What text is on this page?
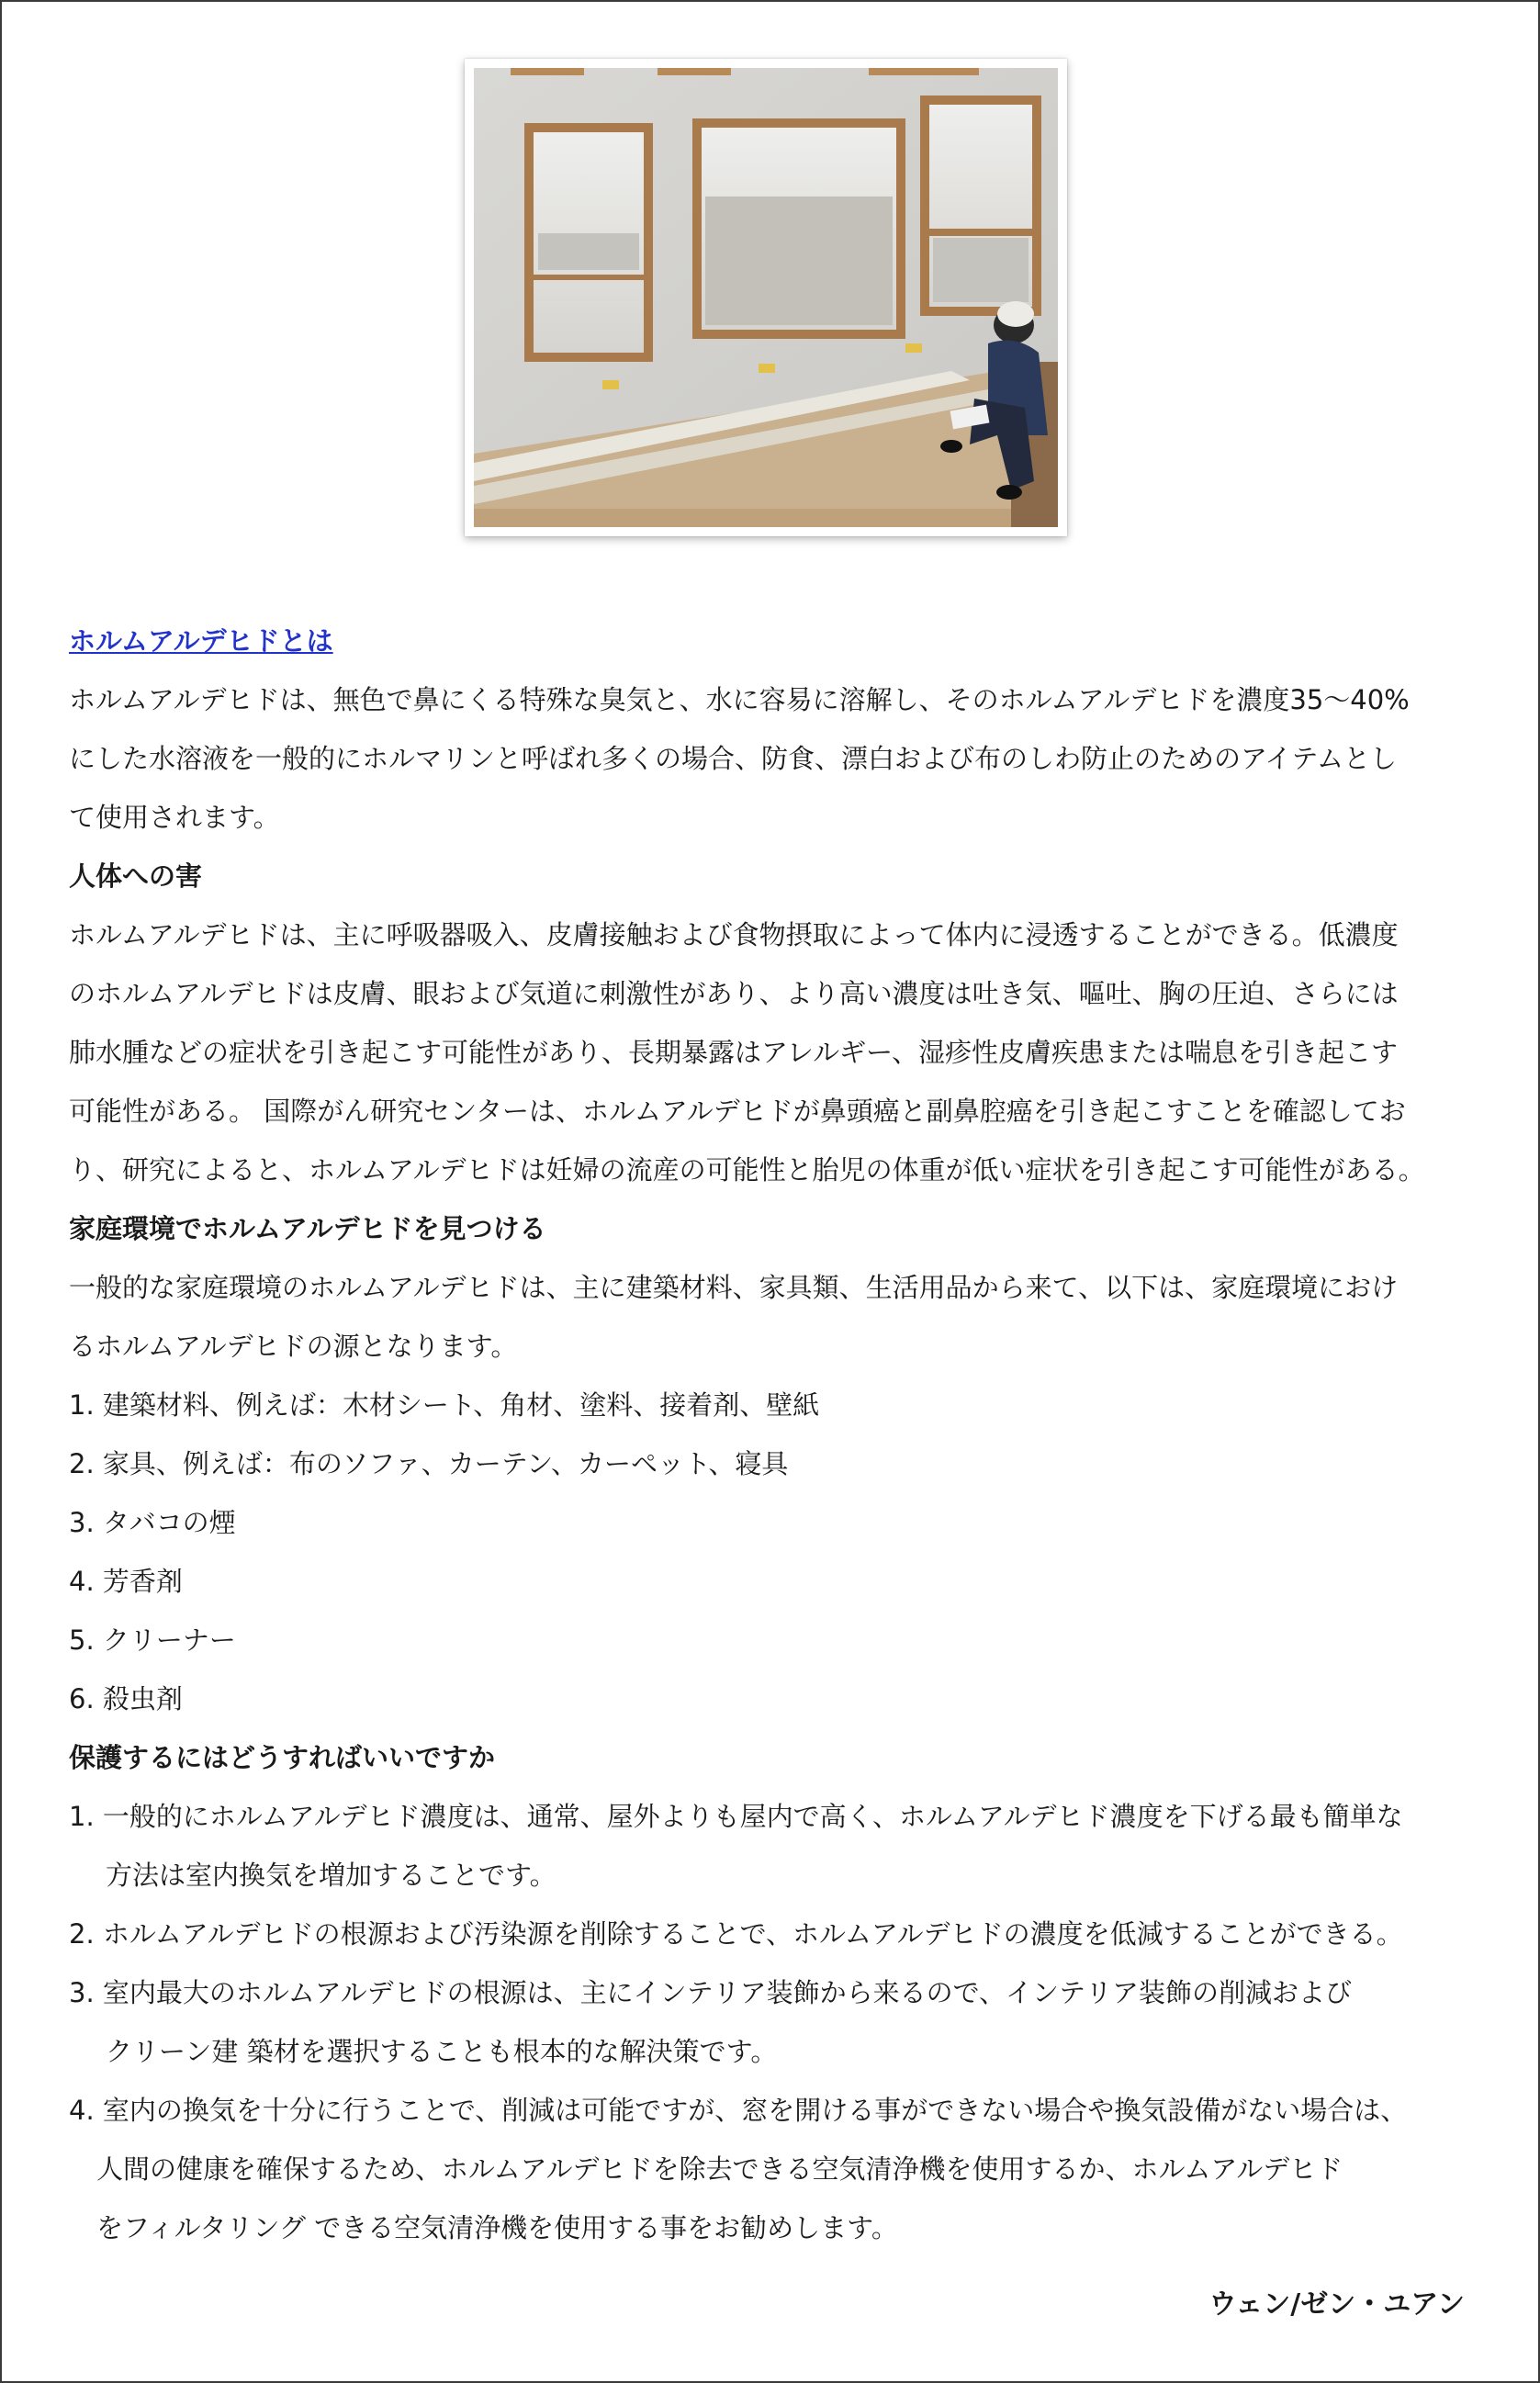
ホルムアルデヒドとは

ホルムアルデヒドは、無色で鼻にくる特殊な臭気と、水に容易に溶解し、そのホルムアルデヒドを濃度35～40%

にした水溶液を一般的にホルマリンと呼ばれ多くの場合、防食、漂白および布のしわ防止のためのアイテムとし

て使用されます。

人体への害

ホルムアルデヒドは、主に呼吸器吸入、皮膚接触および食物摂取によって体内に浸透することができる。低濃度

のホルムアルデヒドは皮膚、眼および気道に刺激性があり、より高い濃度は吐き気、嘔吐、胸の圧迫、さらには

肺水腫などの症状を引き起こす可能性があり、長期暴露はアレルギー、湿疹性皮膚疾患または喘息を引き起こす

可能性がある。 国際がん研究センターは、ホルムアルデヒドが鼻頭癌と副鼻腔癌を引き起こすことを確認してお

り、研究によると、ホルムアルデヒドは妊婦の流産の可能性と胎児の体重が低い症状を引き起こす可能性がある。

家庭環境でホルムアルデヒドを見つける

一般的な家庭環境のホルムアルデヒドは、主に建築材料、家具類、生活用品から来て、以下は、家庭環境におけ

るホルムアルデヒドの源となります。

1. 建築材料、例えば：木材シート、角材、塗料、接着剤、壁紙

2. 家具、例えば：布のソファ、カーテン、カーペット、寝具

3. タバコの煙

4. 芳香剤

5. クリーナー

6. 殺虫剤

保護するにはどうすればいいですか

1. 一般的にホルムアルデヒド濃度は、通常、屋外よりも屋内で高く、ホルムアルデヒド濃度を下げる最も簡単な
方法は室内換気を増加することです。
2. ホルムアルデヒドの根源および汚染源を削除することで、ホルムアルデヒドの濃度を低減することができる。
3. 室内最大のホルムアルデヒドの根源は、主にインテリア装飾から来るので、インテリア装飾の削減および
クリーン建 築材を選択することも根本的な解決策です。
4. 室内の換気を十分に行うことで、削減は可能ですが、窓を開ける事ができない場合や換気設備がない場合は、
人間の健康を確保するため、ホルムアルデヒドを除去できる空気清浄機を使用するか、ホルムアルデヒド
をフィルタリング できる空気清浄機を使用する事をお勧めします。
ウェン/ゼン・ユアン
